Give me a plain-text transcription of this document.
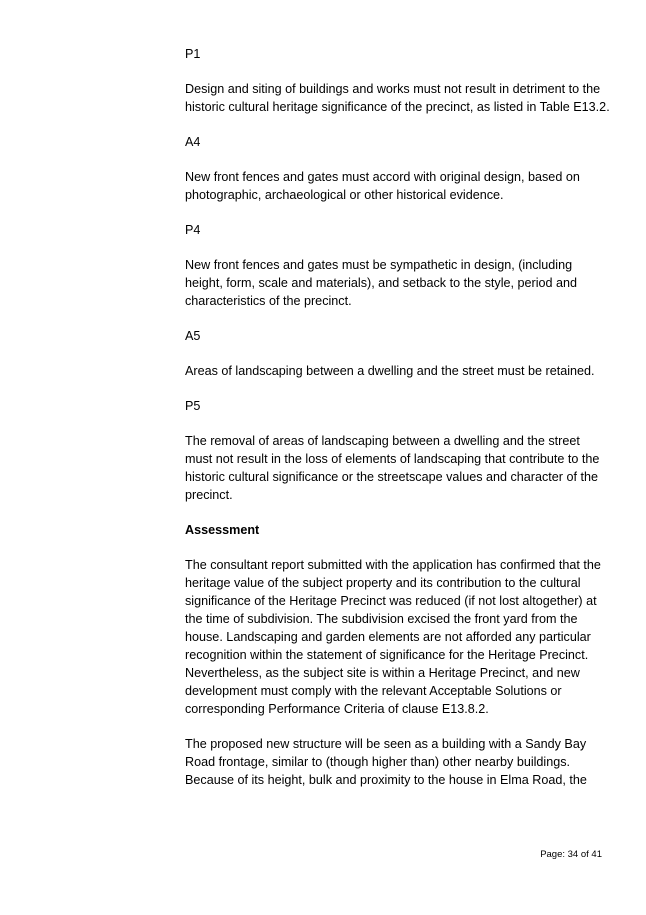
P1

Design and siting of buildings and works must not result in detriment to the historic cultural heritage significance of the precinct, as listed in Table E13.2.

A4

New front fences and gates must accord with original design, based on photographic, archaeological or other historical evidence.

P4

New front fences and gates must be sympathetic in design, (including height, form, scale and materials), and setback to the style, period and characteristics of the precinct.

A5

Areas of landscaping between a dwelling and the street must be retained.

P5

The removal of areas of landscaping between a dwelling and the street must not result in the loss of elements of landscaping that contribute to the historic cultural significance or the streetscape values and character of the precinct.

Assessment

The consultant report submitted with the application has confirmed that the heritage value of the subject property and its contribution to the cultural significance of the Heritage Precinct was reduced (if not lost altogether) at the time of subdivision. The subdivision excised the front yard from the house. Landscaping and garden elements are not afforded any particular recognition within the statement of significance for the Heritage Precinct. Nevertheless, as the subject site is within a Heritage Precinct, and new development must comply with the relevant Acceptable Solutions or corresponding Performance Criteria of clause E13.8.2.

The proposed new structure will be seen as a building with a Sandy Bay Road frontage, similar to (though higher than) other nearby buildings. Because of its height, bulk and proximity to the house in Elma Road, the

Page: 34 of 41
